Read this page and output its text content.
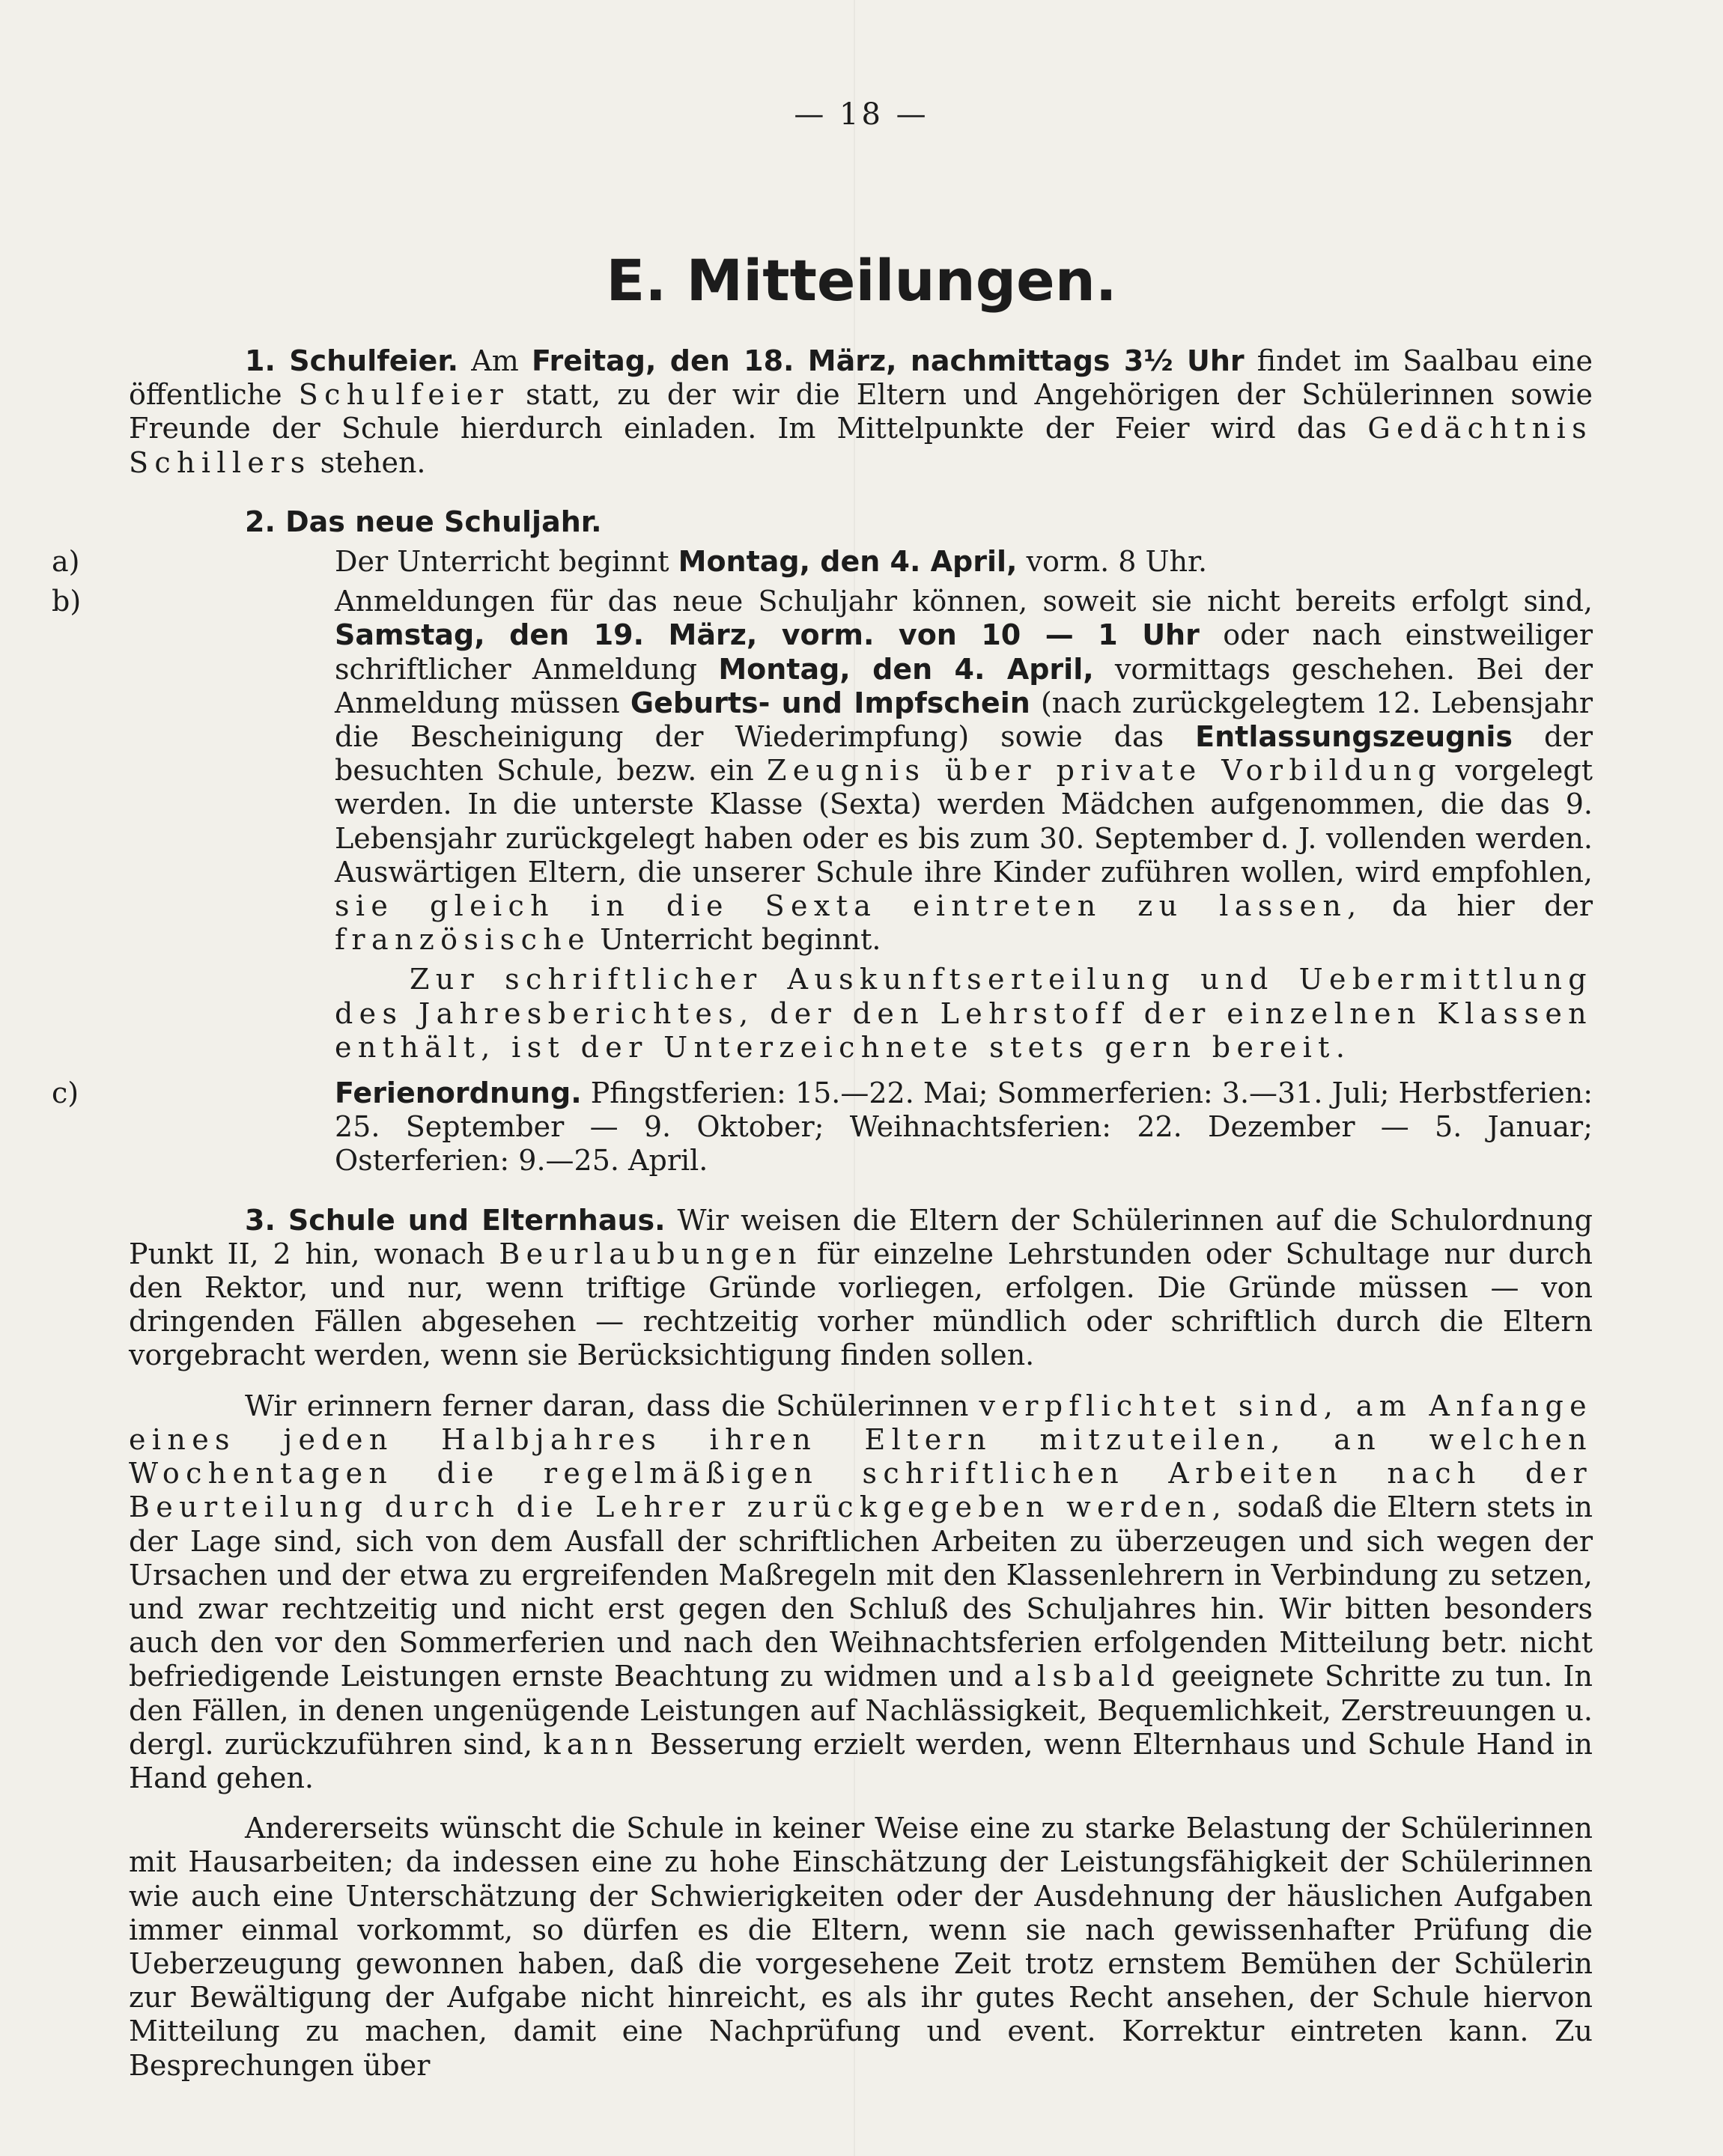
— 18 —
E. Mitteilungen.

1. Schulfeier. Am Freitag, den 18. März, nachmittags 3½ Uhr findet im Saalbau eine öffentliche Schulfeier statt, zu der wir die Eltern und Angehörigen der Schülerinnen sowie Freunde der Schule hierdurch einladen. Im Mittelpunkte der Feier wird das Gedächtnis Schillers stehen.

2. Das neue Schuljahr.

a)	Der Unterricht beginnt Montag, den 4. April, vorm. 8 Uhr.

b)	Anmeldungen für das neue Schuljahr können, soweit sie nicht bereits erfolgt sind, Samstag, den 19. März, vorm. von 10 — 1 Uhr oder nach einstweiliger schriftlicher Anmeldung Montag, den 4. April, vormittags geschehen. Bei der Anmeldung müssen Geburts- und Impfschein (nach zurückgelegtem 12. Lebensjahr die Bescheinigung der Wiederimpfung) sowie das Entlassungszeugnis der besuchten Schule, bezw. ein Zeugnis über private Vorbildung vorgelegt werden. In die unterste Klasse (Sexta) werden Mädchen aufgenommen, die das 9. Lebensjahr zurückgelegt haben oder es bis zum 30. September d. J. vollenden werden. Auswärtigen Eltern, die unserer Schule ihre Kinder zuführen wollen, wird empfohlen, sie gleich in die Sexta eintreten zu lassen, da hier der französische Unterricht beginnt.

Zur schriftlicher Auskunftserteilung und Uebermittlung des Jahresberichtes, der den Lehrstoff der einzelnen Klassen enthält, ist der Unterzeichnete stets gern bereit.

c)	Ferienordnung. Pfingstferien: 15.—22. Mai; Sommerferien: 3.—31. Juli; Herbstferien: 25. September — 9. Oktober; Weihnachtsferien: 22. Dezember — 5. Januar; Osterferien: 9.—25. April.

3. Schule und Elternhaus. Wir weisen die Eltern der Schülerinnen auf die Schulordnung Punkt II, 2 hin, wonach Beurlaubungen für einzelne Lehrstunden oder Schultage nur durch den Rektor, und nur, wenn triftige Gründe vorliegen, erfolgen. Die Gründe müssen — von dringenden Fällen abgesehen — rechtzeitig vorher mündlich oder schriftlich durch die Eltern vorgebracht werden, wenn sie Berücksichtigung finden sollen.

Wir erinnern ferner daran, dass die Schülerinnen verpflichtet sind, am Anfange eines jeden Halbjahres ihren Eltern mitzuteilen, an welchen Wochentagen die regelmäßigen schriftlichen Arbeiten nach der Beurteilung durch die Lehrer zurückgegeben werden, sodaß die Eltern stets in der Lage sind, sich von dem Ausfall der schriftlichen Arbeiten zu überzeugen und sich wegen der Ursachen und der etwa zu ergreifenden Maßregeln mit den Klassenlehrern in Verbindung zu setzen, und zwar rechtzeitig und nicht erst gegen den Schluß des Schuljahres hin. Wir bitten besonders auch den vor den Sommerferien und nach den Weihnachtsferien erfolgenden Mitteilung betr. nicht befriedigende Leistungen ernste Beachtung zu widmen und alsbald geeignete Schritte zu tun. In den Fällen, in denen ungenügende Leistungen auf Nachlässigkeit, Bequemlichkeit, Zerstreuungen u. dergl. zurückzuführen sind, kann Besserung erzielt werden, wenn Elternhaus und Schule Hand in Hand gehen.

Andererseits wünscht die Schule in keiner Weise eine zu starke Belastung der Schülerinnen mit Hausarbeiten; da indessen eine zu hohe Einschätzung der Leistungsfähigkeit der Schülerinnen wie auch eine Unterschätzung der Schwierigkeiten oder der Ausdehnung der häuslichen Aufgaben immer einmal vorkommt, so dürfen es die Eltern, wenn sie nach gewissenhafter Prüfung die Ueberzeugung gewonnen haben, daß die vorgesehene Zeit trotz ernstem Bemühen der Schülerin zur Bewältigung der Aufgabe nicht hinreicht, es als ihr gutes Recht ansehen, der Schule hiervon Mitteilung zu machen, damit eine Nachprüfung und event. Korrektur eintreten kann. Zu Besprechungen über
